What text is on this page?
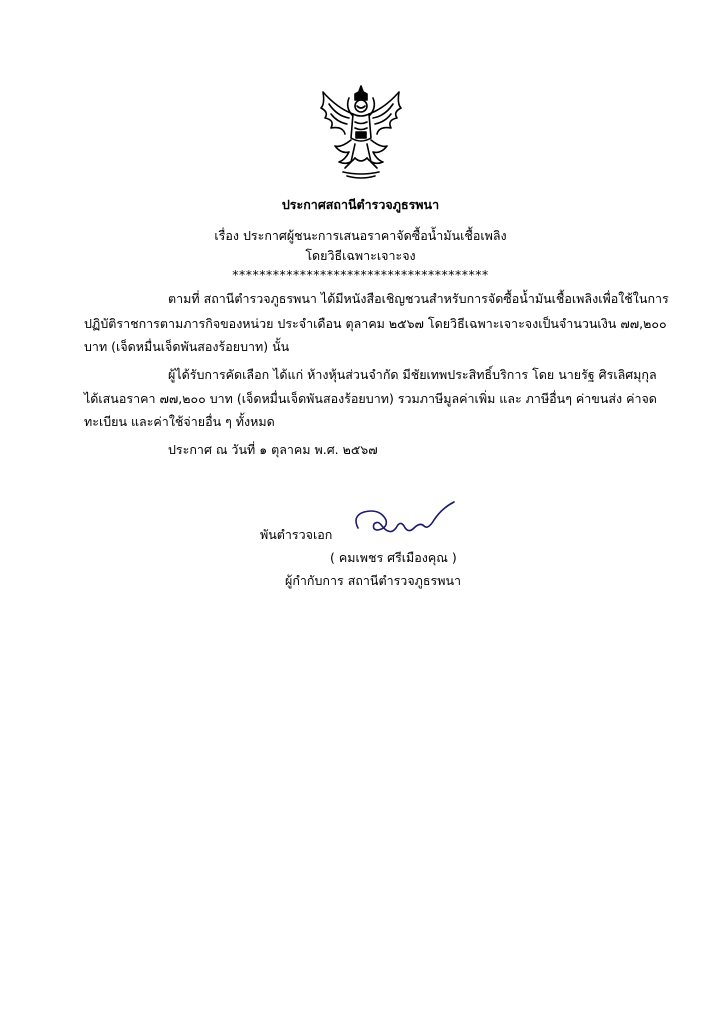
ประกาศสถานีตำรวจภูธรพนา
เรื่อง ประกาศผู้ชนะการเสนอราคาจัดซื้อน้ำมันเชื้อเพลิง
โดยวิธีเฉพาะเจาะจง
**************************************
ตามที่ สถานีตำรวจภูธรพนา ได้มีหนังสือเชิญชวนสำหรับการจัดซื้อน้ำมันเชื้อเพลิงเพื่อใช้ในการ
ปฏิบัติราชการตามภารกิจของหน่วย ประจำเดือน ตุลาคม ๒๕๖๗ โดยวิธีเฉพาะเจาะจงเป็นจำนวนเงิน ๗๗,๒๐๐
บาท (เจ็ดหมื่นเจ็ดพันสองร้อยบาท) นั้น
ผู้ได้รับการคัดเลือก ได้แก่ ห้างหุ้นส่วนจำกัด มีชัยเทพประสิทธิ์บริการ โดย นายรัฐ ศิรเลิศมุกุล
ได้เสนอราคา ๗๗,๒๐๐ บาท (เจ็ดหมื่นเจ็ดพันสองร้อยบาท) รวมภาษีมูลค่าเพิ่ม และ ภาษีอื่นๆ ค่าขนส่ง ค่าจด
ทะเบียน และค่าใช้จ่ายอื่น ๆ ทั้งหมด
ประกาศ ณ วันที่ ๑ ตุลาคม พ.ศ. ๒๕๖๗
พันตำรวจเอก
( คมเพชร ศรีเมืองคุณ )
ผู้กำกับการ สถานีตำรวจภูธรพนา
